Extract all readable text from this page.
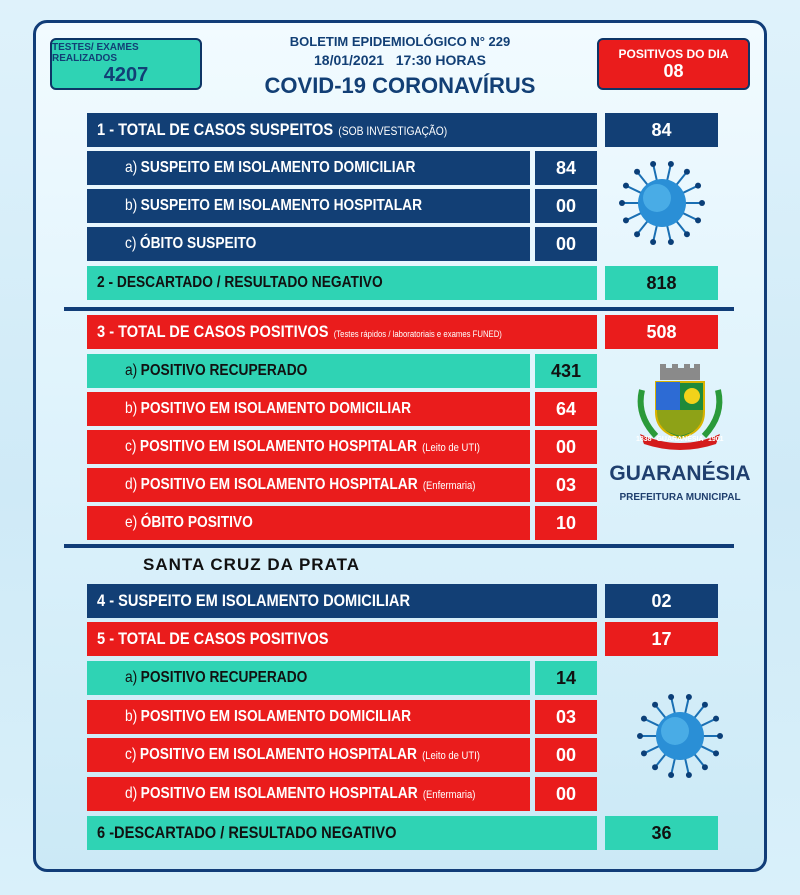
TESTES/ EXAMES REALIZADOS
4207
BOLETIM EPIDEMIOLÓGICO N° 229
18/01/2021   17:30 HORAS
COVID-19 CORONAVÍRUS
POSITIVOS DO DIA
08
1 - TOTAL DE CASOS SUSPEITOS (SOB INVESTIGAÇÃO)	84
a) SUSPEITO EM ISOLAMENTO DOMICILIAR	84
b) SUSPEITO EM ISOLAMENTO HOSPITALAR	00
c) ÓBITO SUSPEITO	00
2 - DESCARTADO / RESULTADO NEGATIVO	818
3 - TOTAL DE CASOS POSITIVOS (Testes rápidos / laboratoriais e exames FUNED)	508
a) POSITIVO RECUPERADO	431
b) POSITIVO EM ISOLAMENTO DOMICILIAR	64
c) POSITIVO EM ISOLAMENTO HOSPITALAR (Leito de UTI)	00
d) POSITIVO EM ISOLAMENTO HOSPITALAR (Enfermaria)	03
e) ÓBITO POSITIVO	10
GUARANÉSIA
1838	1901
GUARANÉSIA
PREFEITURA MUNICIPAL
SANTA CRUZ DA PRATA
4 - SUSPEITO EM ISOLAMENTO DOMICILIAR	02
5 - TOTAL DE CASOS POSITIVOS	17
a) POSITIVO RECUPERADO	14
b) POSITIVO EM ISOLAMENTO DOMICILIAR	03
c) POSITIVO EM ISOLAMENTO HOSPITALAR (Leito de UTI)	00
d) POSITIVO EM ISOLAMENTO HOSPITALAR (Enfermaria)	00
6 -DESCARTADO / RESULTADO NEGATIVO	36
